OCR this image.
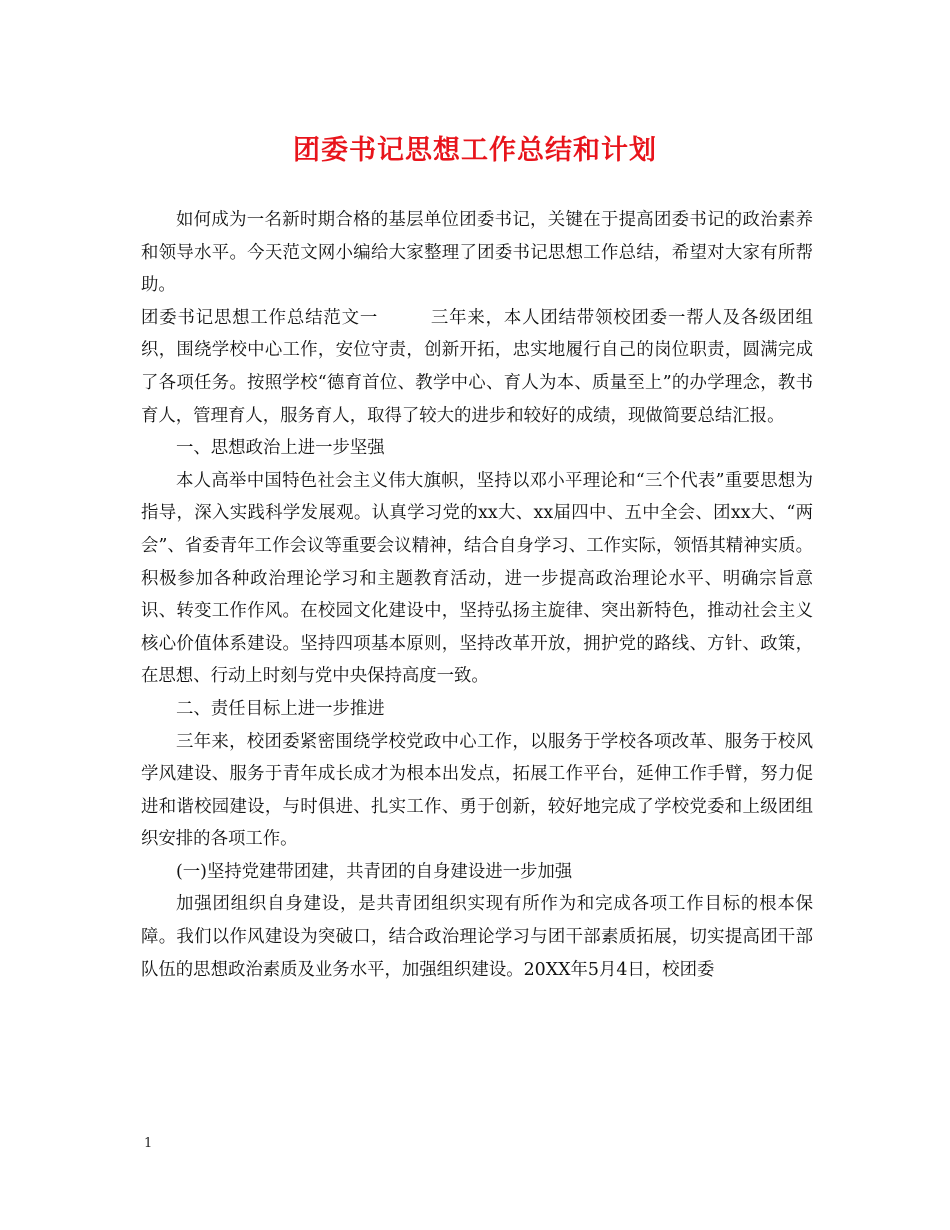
团委书记思想工作总结和计划

如何成为一名新时期合格的基层单位团委书记，关键在于提高团委书记的政治素养和领导水平。今天范文网小编给大家整理了团委书记思想工作总结，希望对大家有所帮助。

团委书记思想工作总结范文一	三年来，本人团结带领校团委一帮人及各级团组织，围绕学校中心工作，安位守责，创新开拓，忠实地履行自己的岗位职责，圆满完成了各项任务。按照学校“德育首位、教学中心、育人为本、质量至上”的办学理念，教书育人，管理育人，服务育人，取得了较大的进步和较好的成绩，现做简要总结汇报。

一、思想政治上进一步坚强

本人高举中国特色社会主义伟大旗帜，坚持以邓小平理论和“三个代表”重要思想为指导，深入实践科学发展观。认真学习党的xx大、xx届四中、五中全会、团xx大、“两会”、省委青年工作会议等重要会议精神，结合自身学习、工作实际，领悟其精神实质。积极参加各种政治理论学习和主题教育活动，进一步提高政治理论水平、明确宗旨意识、转变工作作风。在校园文化建设中，坚持弘扬主旋律、突出新特色，推动社会主义核心价值体系建设。坚持四项基本原则，坚持改革开放，拥护党的路线、方针、政策，在思想、行动上时刻与党中央保持高度一致。

二、责任目标上进一步推进

三年来，校团委紧密围绕学校党政中心工作，以服务于学校各项改革、服务于校风学风建设、服务于青年成长成才为根本出发点，拓展工作平台，延伸工作手臂，努力促进和谐校园建设，与时俱进、扎实工作、勇于创新，较好地完成了学校党委和上级团组织安排的各项工作。

(一)坚持党建带团建，共青团的自身建设进一步加强

加强团组织自身建设，是共青团组织实现有所作为和完成各项工作目标的根本保障。我们以作风建设为突破口，结合政治理论学习与团干部素质拓展，切实提高团干部队伍的思想政治素质及业务水平，加强组织建设。20XX年5月4日，校团委

1
